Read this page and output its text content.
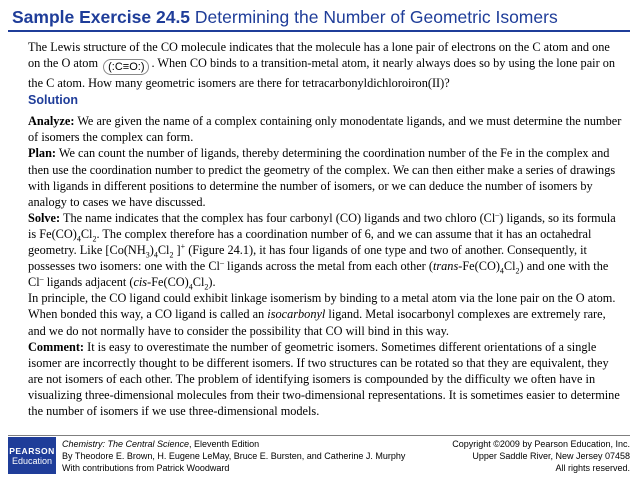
Sample Exercise 24.5 Determining the Number of Geometric Isomers

The Lewis structure of the CO molecule indicates that the molecule has a lone pair of electrons on the C atom and one on the O atom (:C≡O:) . When CO binds to a transition-metal atom, it nearly always does so by using the lone pair on the C atom. How many geometric isomers are there for tetracarbonyldichloroiron(II)?

Solution

Analyze: We are given the name of a complex containing only monodentate ligands, and we must determine the number of isomers the complex can form.

Plan: We can count the number of ligands, thereby determining the coordination number of the Fe in the complex and then use the coordination number to predict the geometry of the complex. We can then either make a series of drawings with ligands in different positions to determine the number of isomers, or we can deduce the number of isomers by analogy to cases we have discussed.

Solve: The name indicates that the complex has four carbonyl (CO) ligands and two chloro (Cl–) ligands, so its formula is $Fe(CO)_4Cl_2$. The complex therefore has a coordination number of 6, and we can assume that it has an octahedral geometry. Like [$Co(NH_3)_4Cl_2$ ]+ (Figure 24.1), it has four ligands of one type and two of another. Consequently, it possesses two isomers: one with the Cl– ligands across the metal from each other $(trans-Fe(CO)_4Cl_2)$ and one with the Cl– ligands adjacent $(cis-Fe(CO)_4Cl_2)$.

In principle, the CO ligand could exhibit linkage isomerism by binding to a metal atom via the lone pair on the O atom. When bonded this way, a CO ligand is called an isocarbonyl ligand. Metal isocarbonyl complexes are extremely rare, and we do not normally have to consider the possibility that CO will bind in this way.

Comment: It is easy to overestimate the number of geometric isomers. Sometimes different orientations of a single isomer are incorrectly thought to be different isomers. If two structures can be rotated so that they are equivalent, they are not isomers of each other. The problem of identifying isomers is compounded by the difficulty we often have in visualizing three-dimensional molecules from their two-dimensional representations. It is sometimes easier to determine the number of isomers if we use three-dimensional models.

PEARSON
Education
Chemistry: The Central Science, Eleventh Edition
By Theodore E. Brown, H. Eugene LeMay, Bruce E. Bursten, and Catherine J. Murphy
With contributions from Patrick Woodward
Copyright ©2009 by Pearson Education, Inc.
Upper Saddle River, New Jersey 07458
All rights reserved.
